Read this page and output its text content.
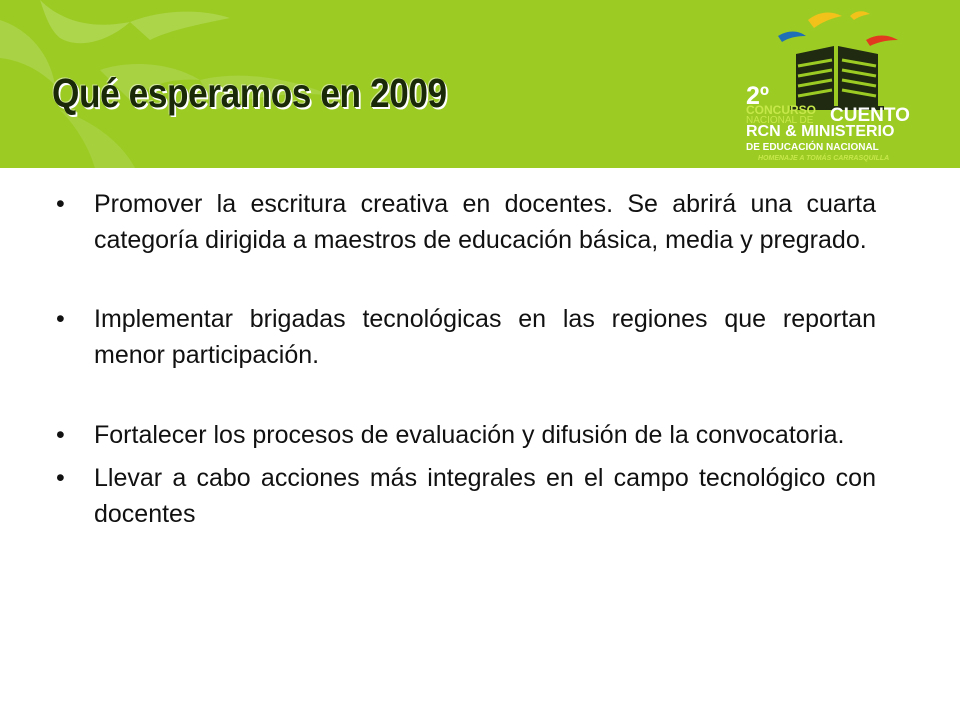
Qué esperamos en 2009	2º
CONCURSO
NACIONAL DE CUENTO
RCN & MINISTERIO
DE EDUCACIÓN NACIONAL
HOMENAJE A TOMÁS CARRASQUILLA
• Promover la escritura creativa en docentes. Se abrirá una cuarta categoría dirigida a maestros de educación básica, media y pregrado.
• Implementar brigadas tecnológicas en las regiones que reportan menor participación.
• Fortalecer los procesos de evaluación y difusión de la convocatoria.
• Llevar a cabo acciones más integrales en el campo tecnológico con docentes
